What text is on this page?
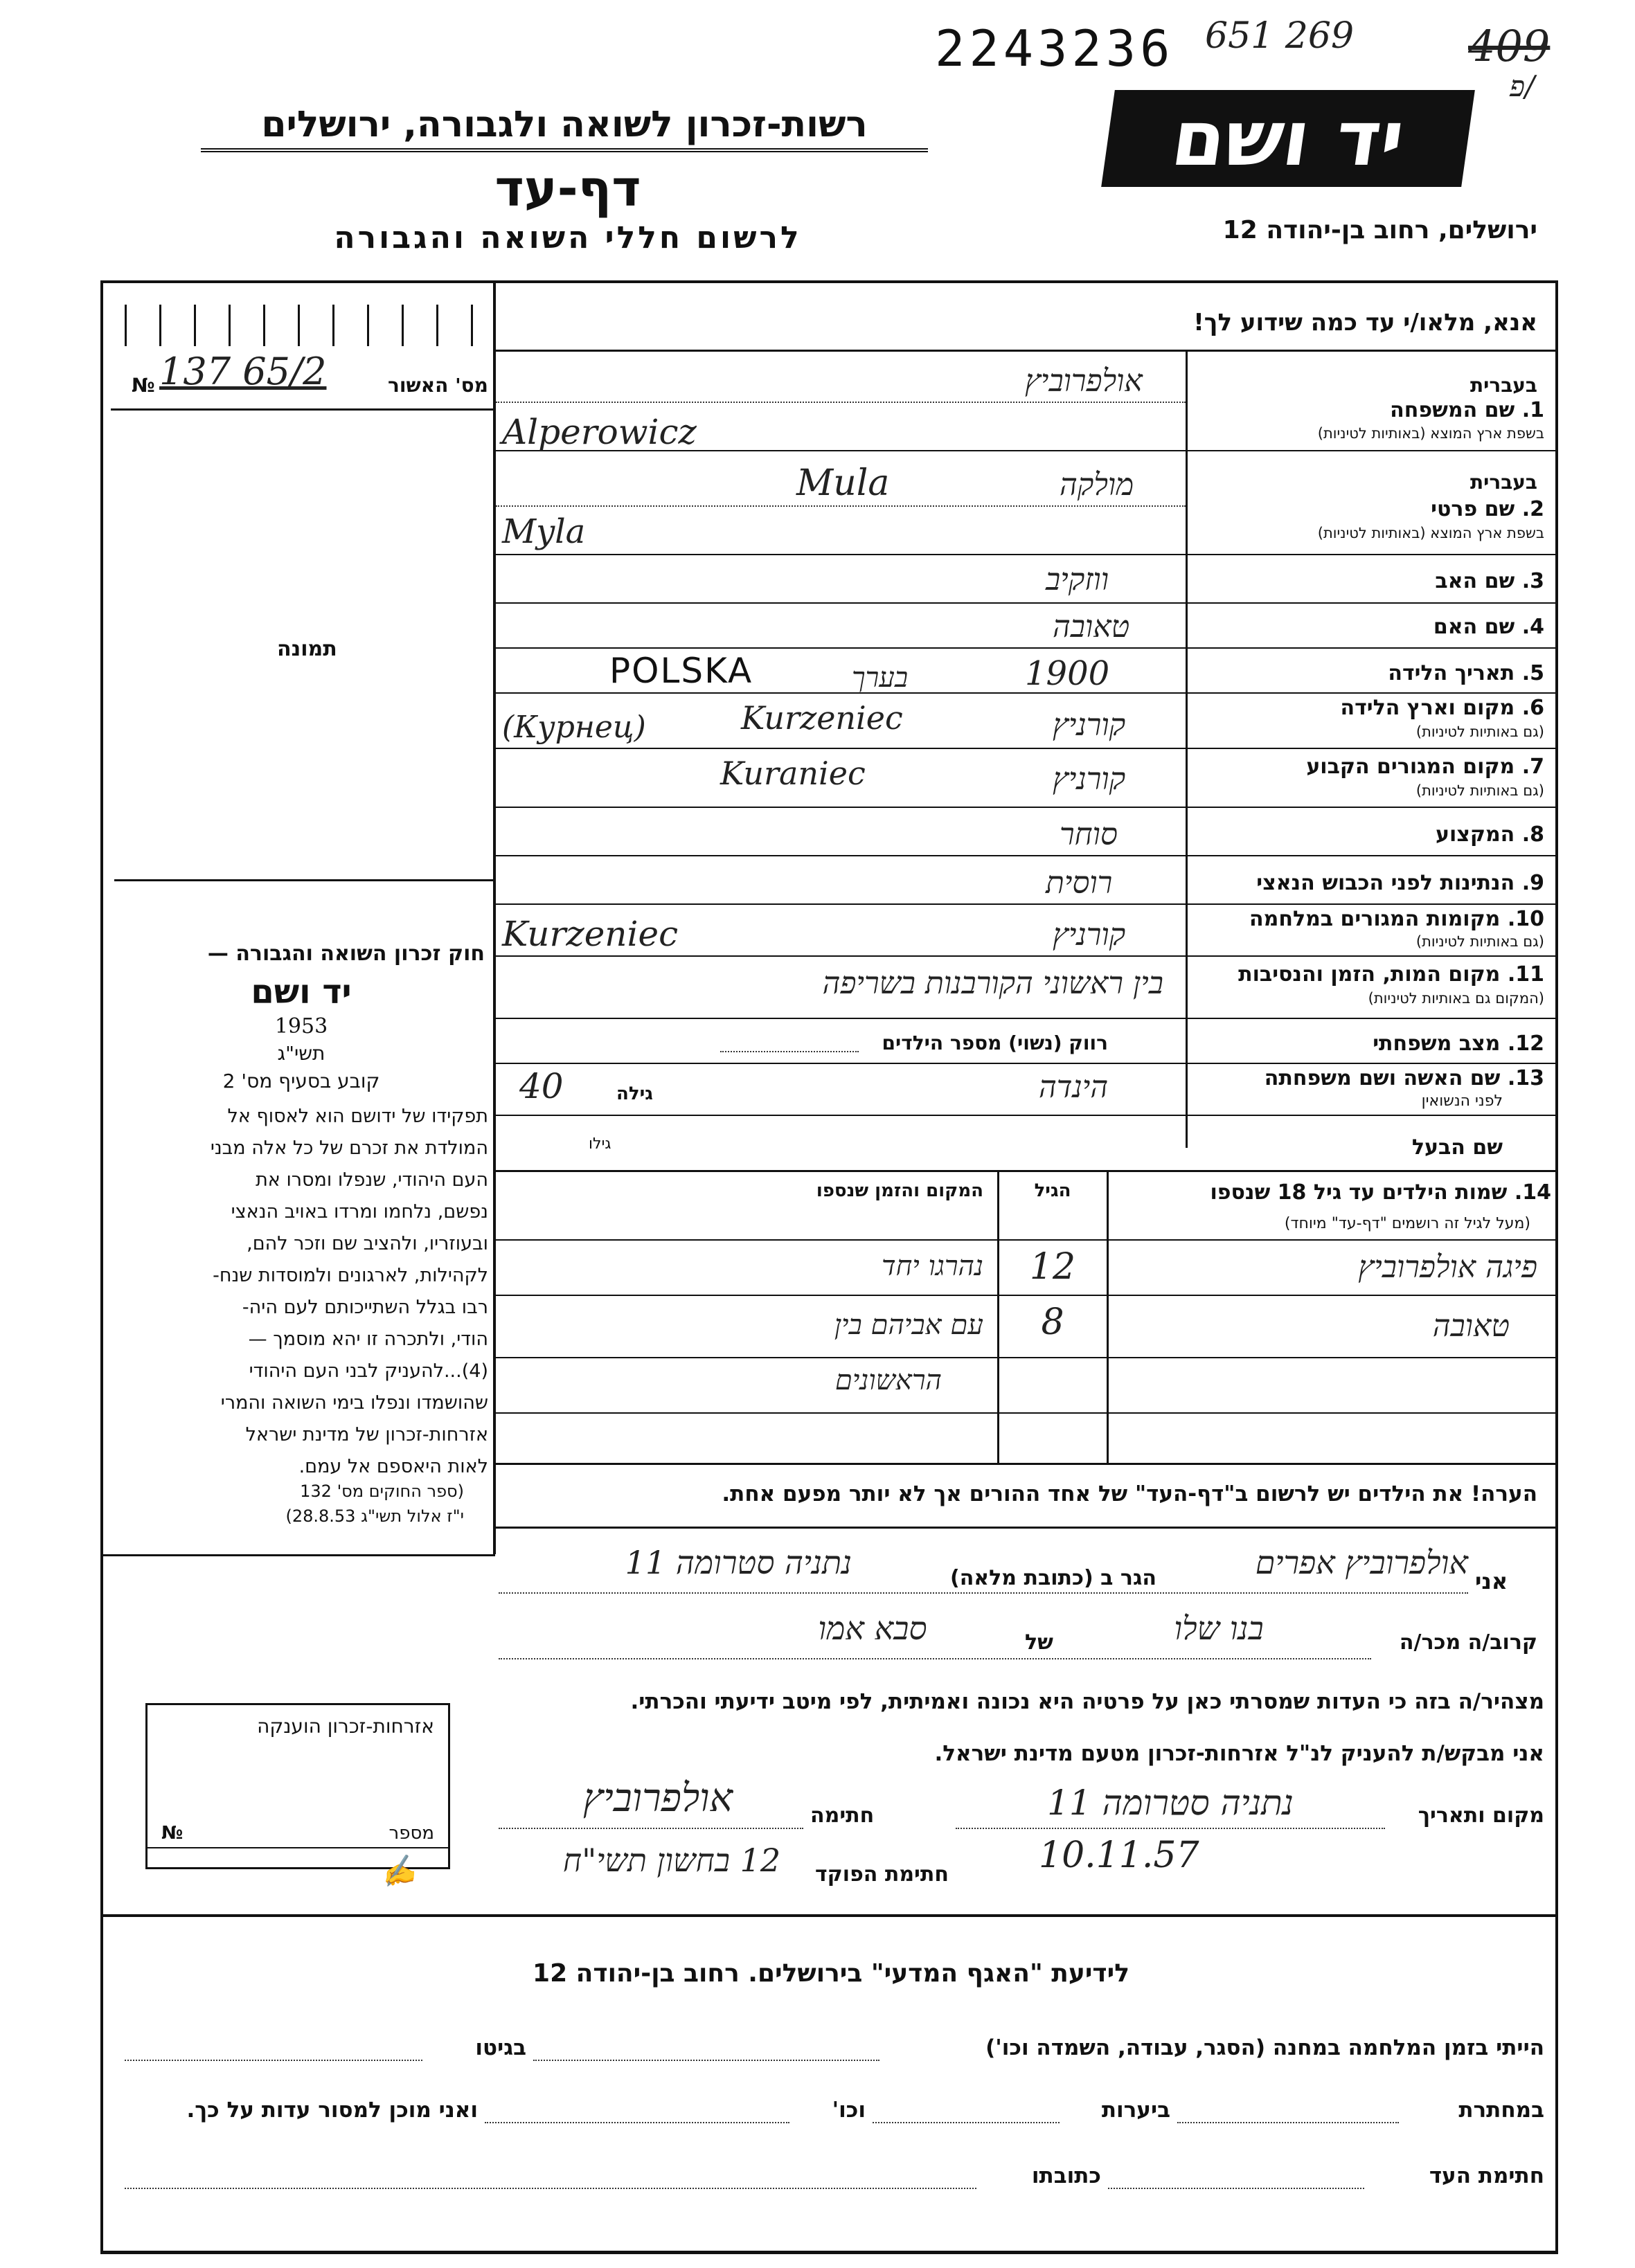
2243236 651 269	409
פ/
יד ושם
רשות-זכרון לשואה ולגבורה, ירושלים
דף-עד
לרשום חללי השואה והגבורה	ירושלים, רחוב בן-יהודה 12
מס' האשור
№ 137 65/2
תמונה
חוק זכרון השואה והגבורה —
יד ושם
תשי"ג
1953
קובע בסעיף מס' 2
תפקידו של ידושם הוא לאסוף אל
המולדת את זכרם של כל אלה מבני
העם היהודי, שנפלו ומסרו את
נפשם, נלחמו ומרדו באויב הנאצי
ובעוזריו, ולהציב שם וזכר להם,
לקהילות, לארגונים ולמוסדות שנח-
רבו בגלל השתייכותם לעם היה-
הודי, ולתכרה זו יהא מוסמך —
(4)...להעניק לבני העם היהודי
שהושמדו ונפלו בימי השואה והמרי
אזרחות-זכרון של מדינת ישראל
לאות היאספם אל עמם.
(ספר החוקים מס' 132
י"ז אלול תשי"ג 28.8.53)
אזרחות-זכרון הוענקה
מספר
№
אנא, מלאו/י עד כמה שידוע לך!
בעברית
1. שם המשפחה
בשפת ארץ המוצא (באותיות לטיניות)
בעברית
2. שם פרטי
בשפת ארץ המוצא (באותיות לטיניות)
3. שם האב
4. שם האם
5. תאריך הלידה
6. מקום וארץ הלידה
(גם באותיות לטיניות)
7. מקום המגורים הקבוע
(גם באותיות לטיניות)
8. המקצוע
9. הנתינות לפני הכבוש הנאצי
10. מקומות המגורים במלחמה
(גם באותיות לטיניות)
11. מקום המות, הזמן והנסיבות
(המקום גם באותיות לטיניות)
12. מצב משפחתי
13. שם האשה ושם משפחתה
לפני הנשואין
שם הבעל
אולפרוביץ
Alperowicz
מולקה
Mula
Myla
ווזקיב
טאובה
1900
בערך
POLSKA
קורניץ
Kurzeniec
(Курнец)
קורניץ
Kuraniec
סוחר
רוסית
קורניץ
Kurzeniec
בין ראשוני הקורבנות בשריפה
רווק (נשוי) מספר הילדים
הינדה
גילה
40
גילו
14. שמות הילדים עד גיל 18 שנספו
(מעל לגיל זה רושמים "דף-עד" מיוחד)
הגיל
המקום והזמן שנספו
פיגה אולפרוביץ
12
נהרגו יחד
טאובה
8
עם אביהם בין
הראשונים
הערה! את הילדים יש לרשום ב"דף-העד" של אחד ההורים אך לא יותר מפעם אחת.
אני
אולפרוביץ אפרים
הגר ב (כתובת מלאה)
נתניה סטרומה 11
קרוב/ה מכר/ה
בנו שלו
של
סבא אמו
מצהיר/ה בזה כי העדות שמסרתי כאן על פרטיה היא נכונה ואמיתית, לפי מיטב ידיעתי והכרתי.
אני מבקש/ת להעניק לנ"ל אזרחות-זכרון מטעם מדינת ישראל.
מקום ותאריך
נתניה סטרומה 11
10.11.57
חתימה
אולפרוביץ
חתימת הפוקד
12 בחשון תשי"ח
✍
לידיעת "האגף המדעי" בירושלים. רחוב בן-יהודה 12
הייתי בזמן המלחמה במחנה (הסגר, עבודה, השמדה וכו')
בגיטו
במחתרת
ביערות
וכו'
ואני מוכן למסור עדות על כך.
חתימת העד
כתובתו
